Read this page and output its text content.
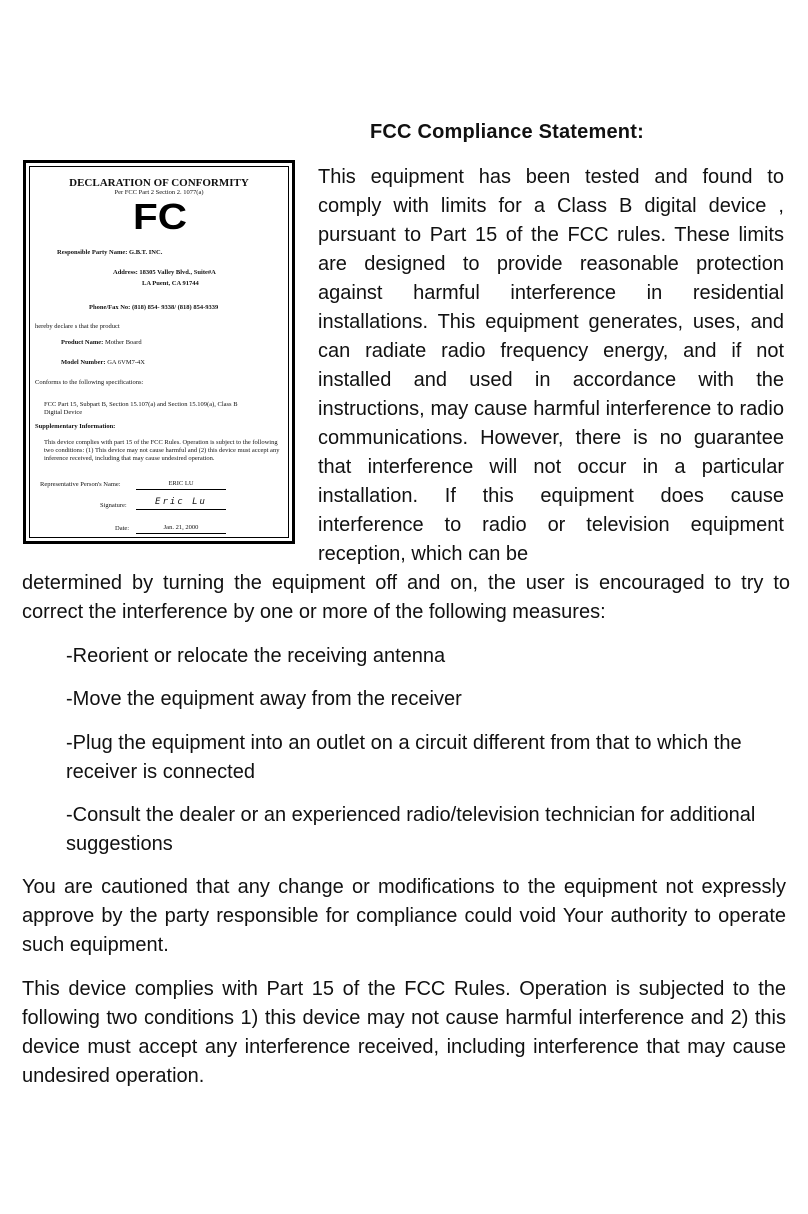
FCC Compliance Statement:
DECLARATION OF CONFORMITY
Per FCC Part 2 Section 2. 1077(a)
FC
Responsible Party Name: G.B.T. INC.
Address: 18305 Valley Blvd., Suite#A
LA Puent, CA 91744
Phone/Fax No: (818) 854- 9338/ (818) 854-9339
hereby declare s that the product
Product Name: Mother Board
Model Number: GA 6VM7-4X
Conforms to the following specifications:
FCC Part 15, Subpart B, Section 15.107(a) and Section 15.109(a), Class B Digital Device
Supplementary Information:
This device complies with part 15 of the FCC Rules. Operation is subject to the following two conditions: (1) This device may not cause harmful and (2) this device must accept any inference received, including that may cause undesired operation.
Representative Person's Name:	ERIC LU
Signature:	Eric Lu
Date:	Jan. 21, 2000

This equipment has been tested and found to comply with limits for a Class B digital device , pursuant to Part 15 of the FCC rules. These limits are designed to provide reasonable protection against harmful interference in residential installations. This equipment generates, uses, and can radiate radio frequency energy, and if not installed and used in accordance with the instructions, may cause harmful interference to radio communications. However, there is no guarantee that interference will not occur in a particular installation. If this equipment does cause interference to radio or television equipment reception, which can be

determined by turning the equipment off and on, the user is encouraged to try to correct the interference by one or more of the following measures:

-Reorient or relocate the receiving antenna

-Move the equipment away from the receiver

-Plug the equipment into an outlet on a circuit different from that to which the receiver is connected

-Consult the dealer or an experienced radio/television technician for additional suggestions

You are cautioned that any change or modifications to the equipment not expressly approve by the party responsible for compliance could void Your authority to operate such equipment.

This device complies with Part 15 of the FCC Rules. Operation is subjected to the following two conditions 1) this device may not cause harmful interference and 2) this device must accept any interference received, including interference that may cause undesired operation.
